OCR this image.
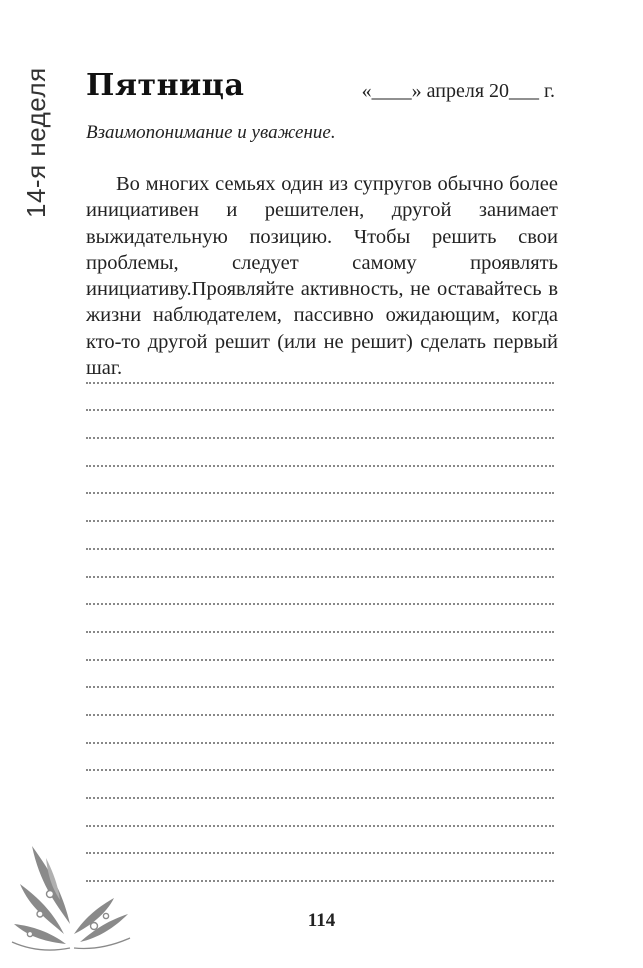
14-я неделя Пятница	«____» апреля 20___ г.
Взаимопонимание и уважение.

Во многих семьях один из супругов обычно более инициативен и решителен, другой занимает выжидательную позицию. Чтобы решить свои проблемы, следует самому проявлять инициативу.Проявляйте активность, не оставайтесь в жизни наблюдателем, пассивно ожидающим, когда кто-то другой решит (или не решит) сделать первый шаг.

114
